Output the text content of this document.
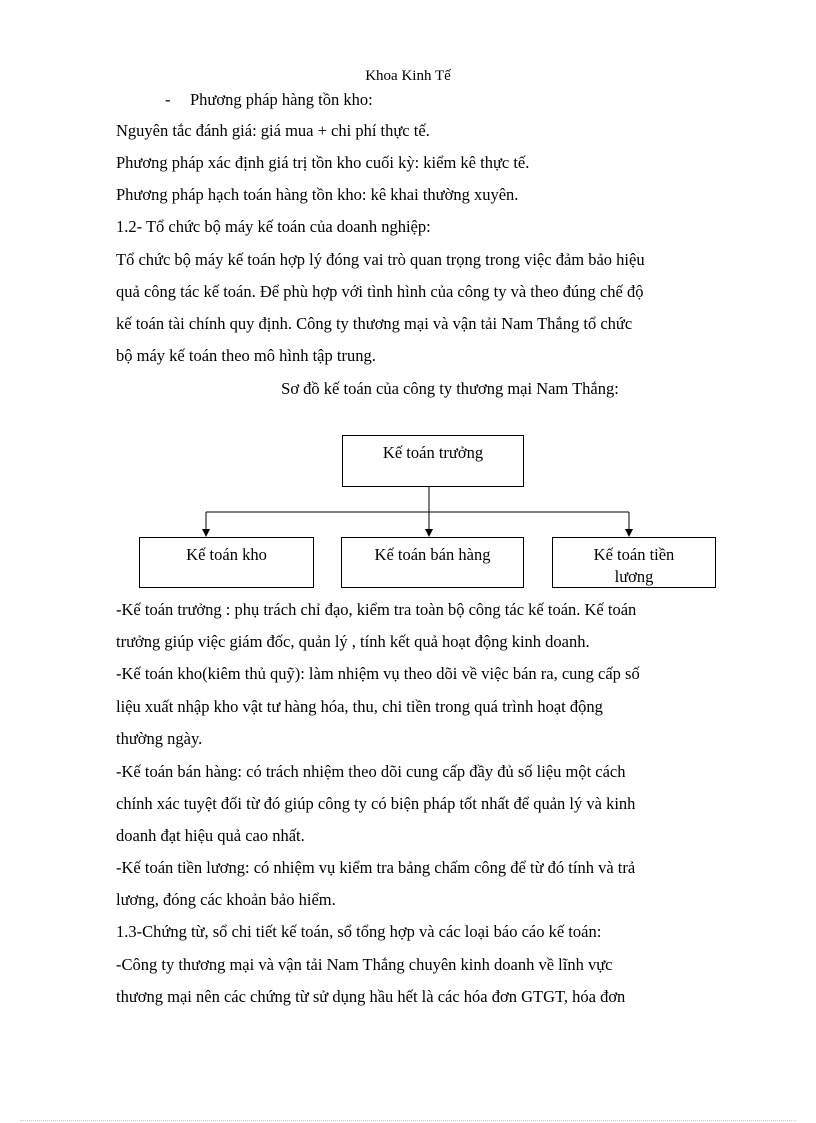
Khoa Kinh Tế
- Phương pháp hàng tồn kho:
Nguyên tắc đánh giá: giá mua + chi phí thực tế.
Phương pháp xác định giá trị tồn kho cuối kỳ: kiểm kê thực tế.
Phương pháp hạch toán hàng tồn kho: kê khai thường xuyên.
1.2- Tổ chức bộ máy kế toán của doanh nghiệp:
Tổ chức bộ máy kế toán hợp lý đóng vai trò quan trọng trong việc đảm bảo hiệu
quả công tác kế toán. Để phù hợp với tình hình của công ty và theo đúng chế độ
kế toán tài chính quy định. Công ty thương mại và vận tải Nam Thắng tổ chức
bộ máy kế toán theo mô hình tập trung.
Sơ đồ kế toán của công ty thương mại Nam Thắng:
Kế toán trưởng
Kế toán kho	Kế toán bán hàng	Kế toán tiền lương
-Kế toán trưởng : phụ trách chỉ đạo, kiểm tra toàn bộ công tác kế toán. Kế toán
trưởng giúp việc giám đốc, quản lý , tính kết quả hoạt động kinh doanh.
-Kế toán kho(kiêm thủ quỹ): làm nhiệm vụ theo dõi về việc bán ra, cung cấp số
liệu xuất nhập kho vật tư hàng hóa, thu, chi tiền trong quá trình hoạt động
thường ngày.
-Kế toán bán hàng: có trách nhiệm theo dõi cung cấp đầy đủ số liệu một cách
chính xác tuyệt đối từ đó giúp công ty có biện pháp tốt nhất để quản lý và kinh
doanh đạt hiệu quả cao nhất.
-Kế toán tiền lương: có nhiệm vụ kiểm tra bảng chấm công để từ đó tính và trả
lương, đóng các khoản bảo hiểm.
1.3-Chứng từ, sổ chi tiết kế toán, sổ tổng hợp và các loại báo cáo kế toán:
-Công ty thương mại và vận tải Nam Thắng chuyên kinh doanh về lĩnh vực
thương mại nên các chứng từ sử dụng hầu hết là các hóa đơn GTGT, hóa đơn
